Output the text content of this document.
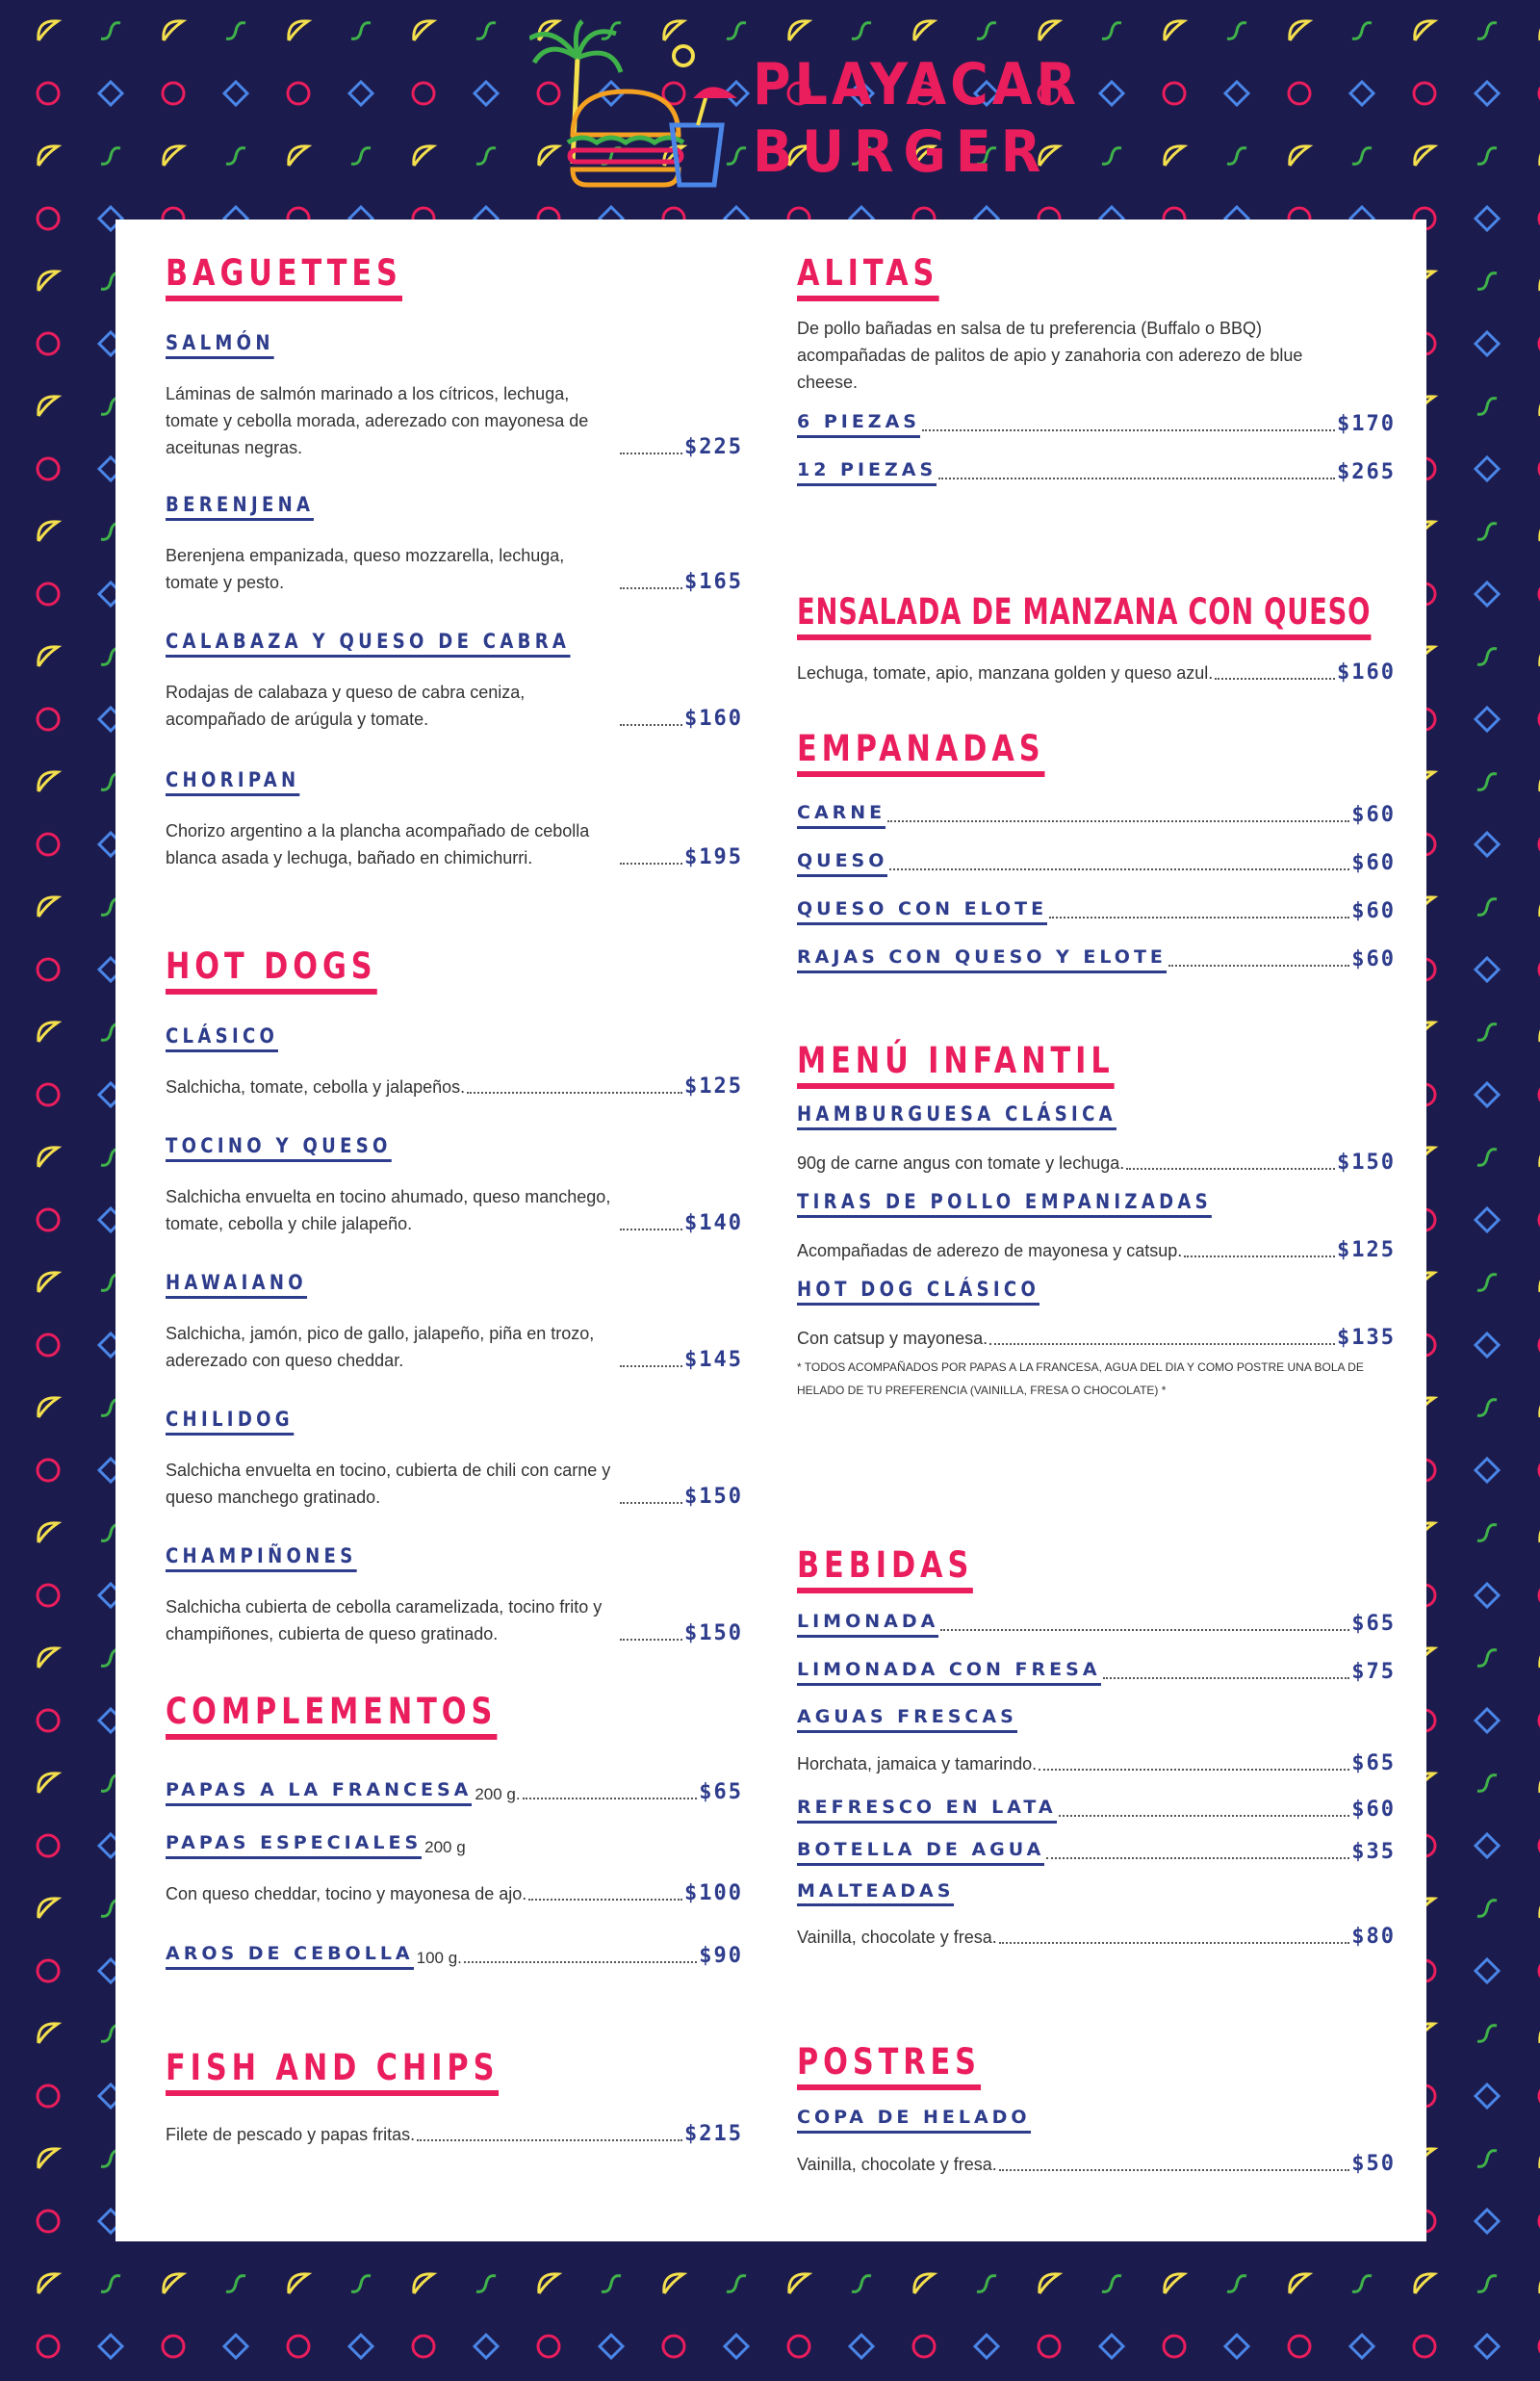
PLAYACAR
BURGER
BAGUETTES
SALMÓN
Láminas de salmón marinado a los cítricos, lechuga, tomate y cebolla morada, aderezado con mayonesa de aceitunas negras.	$225
BERENJENA
Berenjena empanizada, queso mozzarella, lechuga, tomate y pesto.	$165
CALABAZA Y QUESO DE CABRA
Rodajas de calabaza y queso de cabra ceniza, acompañado de arúgula y tomate.	$160
CHORIPAN
Chorizo argentino a la plancha acompañado de cebolla blanca asada y lechuga, bañado en chimichurri.	$195
HOT DOGS
CLÁSICO
Salchicha, tomate, cebolla y jalapeños.	$125
TOCINO Y QUESO
Salchicha envuelta en tocino ahumado, queso manchego, tomate, cebolla y chile jalapeño.	$140
HAWAIANO
Salchicha, jamón, pico de gallo, jalapeño, piña en trozo, aderezado con queso cheddar.	$145
CHILIDOG
Salchicha envuelta en tocino, cubierta de chili con carne y queso manchego gratinado.	$150
CHAMPIÑONES
Salchicha cubierta de cebolla caramelizada, tocino frito y champiñones, cubierta de queso gratinado.	$150
COMPLEMENTOS
PAPAS A LA FRANCESA 200 g.	$65
PAPAS ESPECIALES 200 g
Con queso cheddar, tocino y mayonesa de ajo.	$100
AROS DE CEBOLLA 100 g.	$90
FISH AND CHIPS
Filete de pescado y papas fritas.	$215
ALITAS
De pollo bañadas en salsa de tu preferencia (Buffalo o BBQ) acompañadas de palitos de apio y zanahoria con aderezo de blue cheese.
6 PIEZAS	$170
12 PIEZAS	$265
ENSALADA DE MANZANA CON QUESO
Lechuga, tomate, apio, manzana golden y queso azul.	$160
EMPANADAS
CARNE	$60
QUESO	$60
QUESO CON ELOTE	$60
RAJAS CON QUESO Y ELOTE	$60
MENÚ INFANTIL
HAMBURGUESA CLÁSICA
90g de carne angus con tomate y lechuga.	$150
TIRAS DE POLLO EMPANIZADAS
Acompañadas de aderezo de mayonesa y catsup.	$125
HOT DOG CLÁSICO
Con catsup y mayonesa.	$135
* TODOS ACOMPAÑADOS POR PAPAS A LA FRANCESA, AGUA DEL DIA Y COMO POSTRE UNA BOLA DE HELADO DE TU PREFERENCIA (VAINILLA, FRESA O CHOCOLATE) *
BEBIDAS
LIMONADA	$65
LIMONADA CON FRESA	$75
AGUAS FRESCAS
Horchata, jamaica y tamarindo.	$65
REFRESCO EN LATA	$60
BOTELLA DE AGUA	$35
MALTEADAS
Vainilla, chocolate y fresa.	$80
POSTRES
COPA DE HELADO
Vainilla, chocolate y fresa.	$50
